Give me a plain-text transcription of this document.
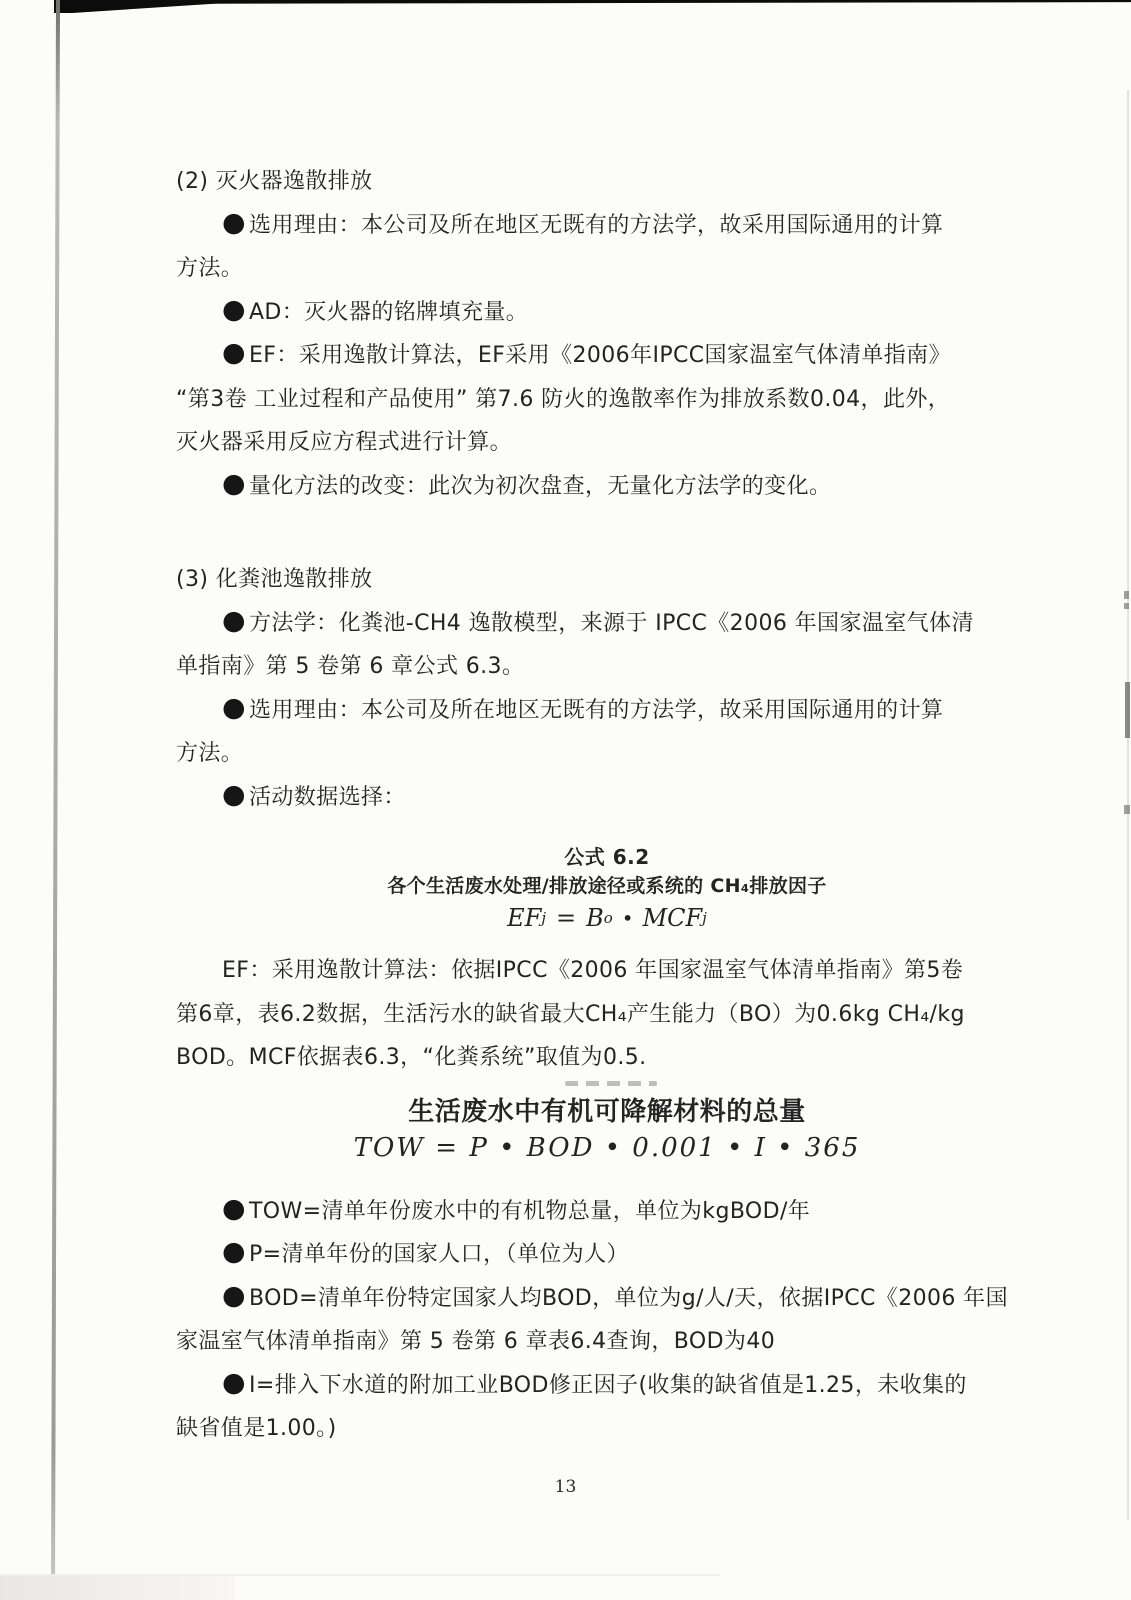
(2) 灭火器逸散排放
● 选用理由：本公司及所在地区无既有的方法学，故采用国际通用的计算
方法。
● AD：灭火器的铭牌填充量。
● EF：采用逸散计算法，EF采用《2006年IPCC国家温室气体清单指南》
“第3卷 工业过程和产品使用” 第7.6 防火的逸散率作为排放系数0.04，此外，
灭火器采用反应方程式进行计算。
● 量化方法的改变：此次为初次盘查，无量化方法学的变化。
(3) 化粪池逸散排放
● 方法学：化粪池-CH4 逸散模型，来源于 IPCC《2006 年国家温室气体清
单指南》第 5 卷第 6 章公式 6.3。
● 选用理由：本公司及所在地区无既有的方法学，故采用国际通用的计算
方法。
● 活动数据选择：
公式 6.2
各个生活废水处理/排放途径或系统的 CH₄排放因子
EF j = B o • MCF j
EF：采用逸散计算法：依据IPCC《2006 年国家温室气体清单指南》第5卷
第6章，表6.2数据，生活污水的缺省最大CH₄产生能力（BO）为0.6kg CH₄/kg
BOD。MCF依据表6.3，“化粪系统”取值为0.5.
生活废水中有机可降解材料的总量
TOW = P • BOD • 0.001 • I • 365
● TOW=清单年份废水中的有机物总量，单位为kgBOD/年
● P=清单年份的国家人口，（单位为人）
● BOD=清单年份特定国家人均BOD，单位为g/人/天，依据IPCC《2006 年国
家温室气体清单指南》第 5 卷第 6 章表6.4查询，BOD为40
● I=排入下水道的附加工业BOD修正因子(收集的缺省值是1.25，未收集的
缺省值是1.00。)
13
